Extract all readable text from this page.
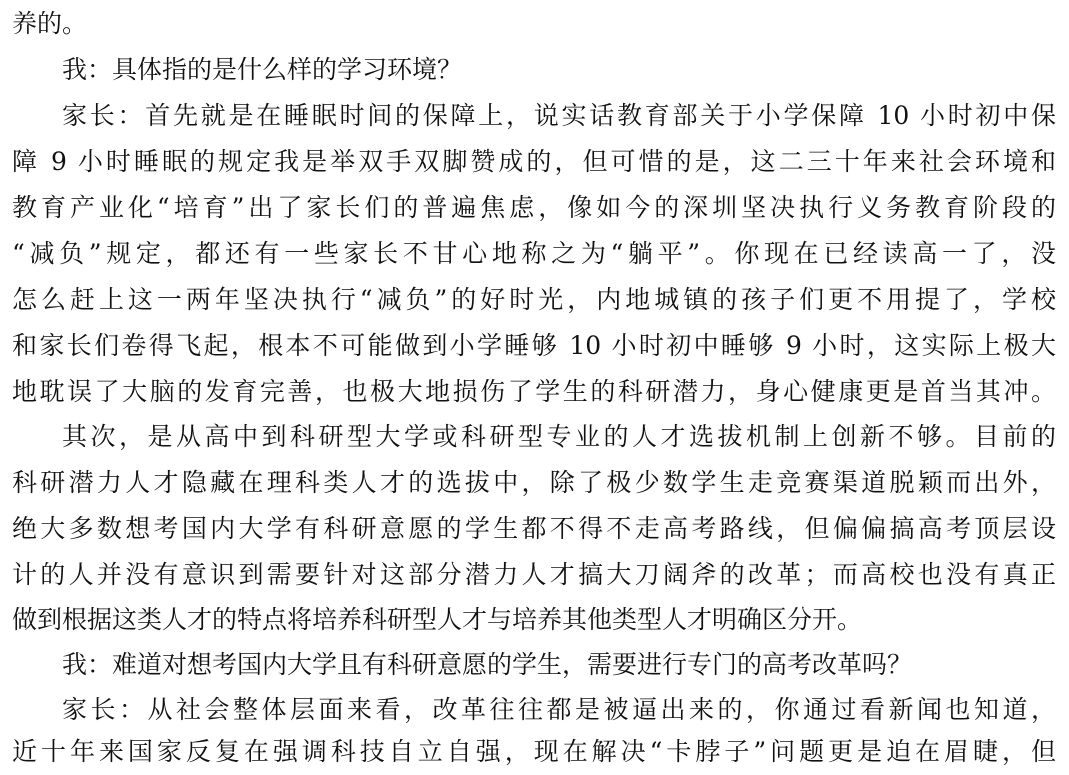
养的。
我：具体指的是什么样的学习环境？
家长：首先就是在睡眠时间的保障上，说实话教育部关于小学保障 10 小时初中保
障 9 小时睡眠的规定我是举双手双脚赞成的，但可惜的是，这二三十年来社会环境和
教育产业化“培育”出了家长们的普遍焦虑，像如今的深圳坚决执行义务教育阶段的
“减负”规定，都还有一些家长不甘心地称之为“躺平”。你现在已经读高一了，没
怎么赶上这一两年坚决执行“减负”的好时光，内地城镇的孩子们更不用提了，学校
和家长们卷得飞起，根本不可能做到小学睡够 10 小时初中睡够 9 小时，这实际上极大
地耽误了大脑的发育完善，也极大地损伤了学生的科研潜力，身心健康更是首当其冲。
其次，是从高中到科研型大学或科研型专业的人才选拔机制上创新不够。目前的
科研潜力人才隐藏在理科类人才的选拔中，除了极少数学生走竞赛渠道脱颖而出外，
绝大多数想考国内大学有科研意愿的学生都不得不走高考路线，但偏偏搞高考顶层设
计的人并没有意识到需要针对这部分潜力人才搞大刀阔斧的改革；而高校也没有真正
做到根据这类人才的特点将培养科研型人才与培养其他类型人才明确区分开。
我：难道对想考国内大学且有科研意愿的学生，需要进行专门的高考改革吗？
家长：从社会整体层面来看，改革往往都是被逼出来的，你通过看新闻也知道，
近十年来国家反复在强调科技自立自强，现在解决“卡脖子”问题更是迫在眉睫，但
